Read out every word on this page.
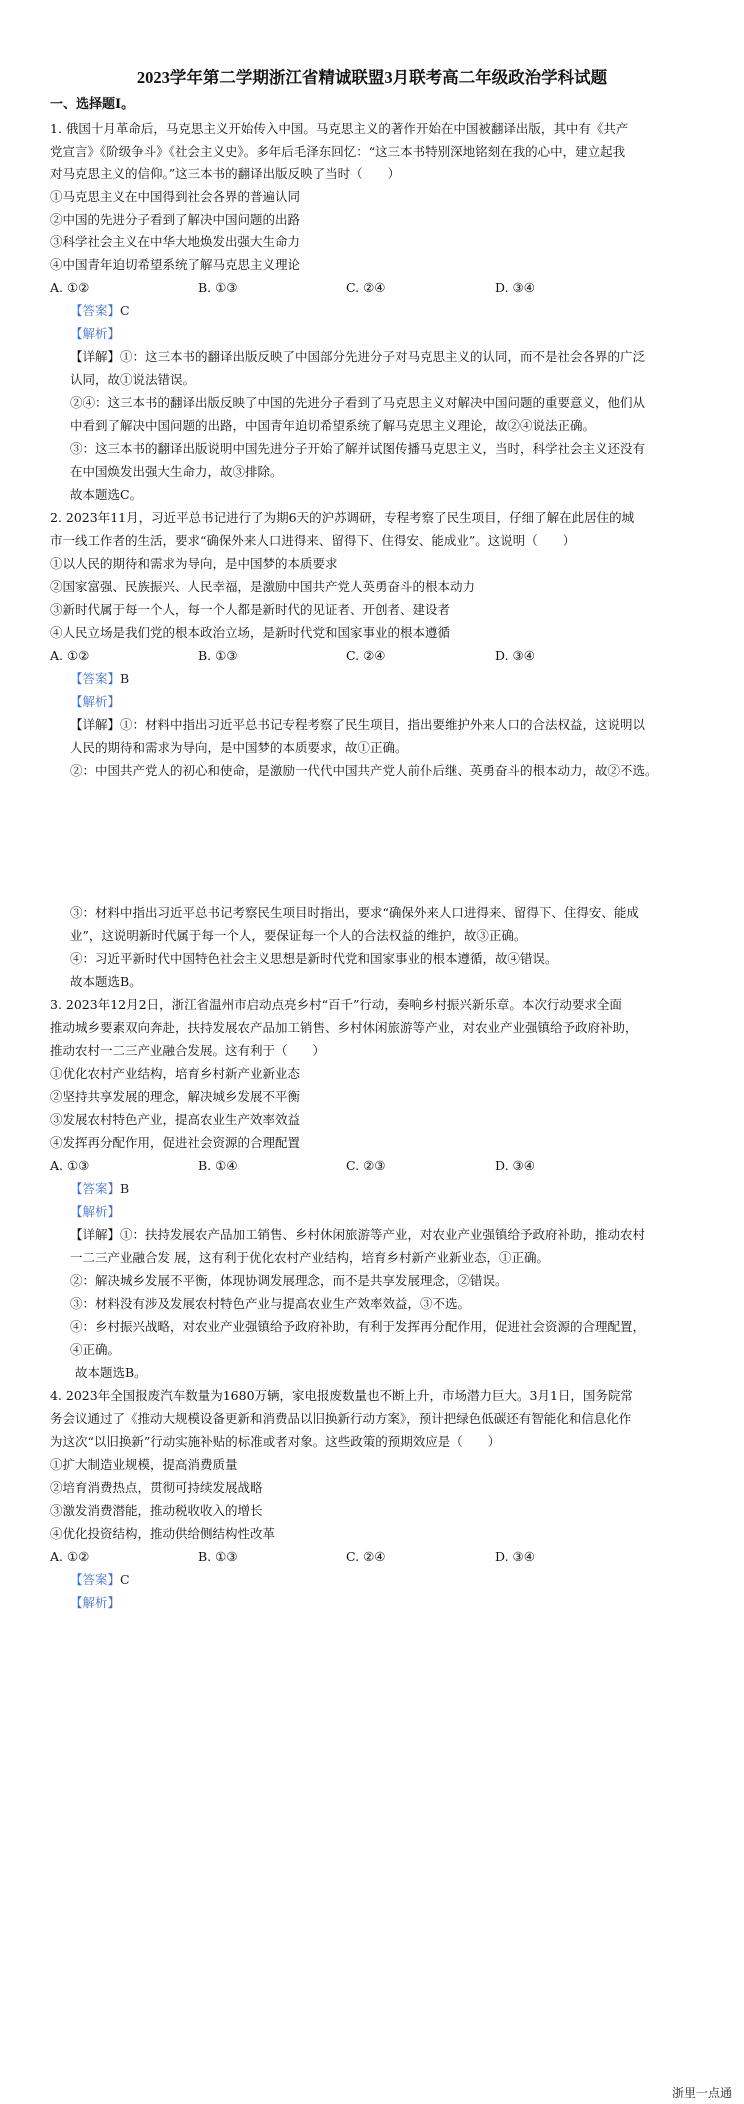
2023学年第二学期浙江省精诚联盟3月联考高二年级政治学科试题
一、选择题Ⅰ。
1. 俄国十月革命后，马克思主义开始传入中国。马克思主义的著作开始在中国被翻译出版，其中有《共产
党宣言》《阶级争斗》《社会主义史》。多年后毛泽东回忆：“这三本书特别深地铭刻在我的心中，建立起我
对马克思主义的信仰。”这三本书的翻译出版反映了当时（　　）
①马克思主义在中国得到社会各界的普遍认同
②中国的先进分子看到了解决中国问题的出路
③科学社会主义在中华大地焕发出强大生命力
④中国青年迫切希望系统了解马克思主义理论
A. ①②	B. ①③	C. ②④	D. ③④
【答案】C
【解析】
【详解】①：这三本书的翻译出版反映了中国部分先进分子对马克思主义的认同，而不是社会各界的广泛
认同，故①说法错误。
②④：这三本书的翻译出版反映了中国的先进分子看到了马克思主义对解决中国问题的重要意义，他们从
中看到了解决中国问题的出路，中国青年迫切希望系统了解马克思主义理论，故②④说法正确。
③：这三本书的翻译出版说明中国先进分子开始了解并试图传播马克思主义，当时，科学社会主义还没有
在中国焕发出强大生命力，故③排除。
故本题选C。
2. 2023年11月，习近平总书记进行了为期6天的沪苏调研，专程考察了民生项目，仔细了解在此居住的城
市一线工作者的生活，要求“确保外来人口进得来、留得下、住得安、能成业”。这说明（　　）
①以人民的期待和需求为导向，是中国梦的本质要求
②国家富强、民族振兴、人民幸福，是激励中国共产党人英勇奋斗的根本动力
③新时代属于每一个人，每一个人都是新时代的见证者、开创者、建设者
④人民立场是我们党的根本政治立场，是新时代党和国家事业的根本遵循
A. ①②	B. ①③	C. ②④	D. ③④
【答案】B
【解析】
【详解】①：材料中指出习近平总书记专程考察了民生项目，指出要维护外来人口的合法权益，这说明以
人民的期待和需求为导向，是中国梦的本质要求，故①正确。
②：中国共产党人的初心和使命，是激励一代代中国共产党人前仆后继、英勇奋斗的根本动力，故②不选。
③：材料中指出习近平总书记考察民生项目时指出，要求“确保外来人口进得来、留得下、住得安、能成
业”，这说明新时代属于每一个人，要保证每一个人的合法权益的维护，故③正确。
④：习近平新时代中国特色社会主义思想是新时代党和国家事业的根本遵循，故④错误。
故本题选B。
3. 2023年12月2日，浙江省温州市启动点亮乡村“百千”行动，奏响乡村振兴新乐章。本次行动要求全面
推动城乡要素双向奔赴，扶持发展农产品加工销售、乡村休闲旅游等产业，对农业产业强镇给予政府补助，
推动农村一二三产业融合发展。这有利于（　　）
①优化农村产业结构，培育乡村新产业新业态
②坚持共享发展的理念，解决城乡发展不平衡
③发展农村特色产业，提高农业生产效率效益
④发挥再分配作用，促进社会资源的合理配置
A. ①③	B. ①④	C. ②③	D. ③④
【答案】B
【解析】
【详解】①：扶持发展农产品加工销售、乡村休闲旅游等产业，对农业产业强镇给予政府补助，推动农村
一二三产业融合发 展，这有利于优化农村产业结构，培育乡村新产业新业态，①正确。
②：解决城乡发展不平衡，体现协调发展理念，而不是共享发展理念，②错误。
③：材料没有涉及发展农村特色产业与提高农业生产效率效益，③不选。
④：乡村振兴战略，对农业产业强镇给予政府补助，有利于发挥再分配作用，促进社会资源的合理配置，
④正确。
故本题选B。
4. 2023年全国报废汽车数量为1680万辆，家电报废数量也不断上升，市场潜力巨大。3月1日，国务院常
务会议通过了《推动大规模设备更新和消费品以旧换新行动方案》，预计把绿色低碳还有智能化和信息化作
为这次“以旧换新”行动实施补贴的标准或者对象。这些政策的预期效应是（　　）
①扩大制造业规模，提高消费质量
②培育消费热点，贯彻可持续发展战略
③激发消费潜能，推动税收收入的增长
④优化投资结构，推动供给侧结构性改革
A. ①②	B. ①③	C. ②④	D. ③④
【答案】C
【解析】
浙里一点通
